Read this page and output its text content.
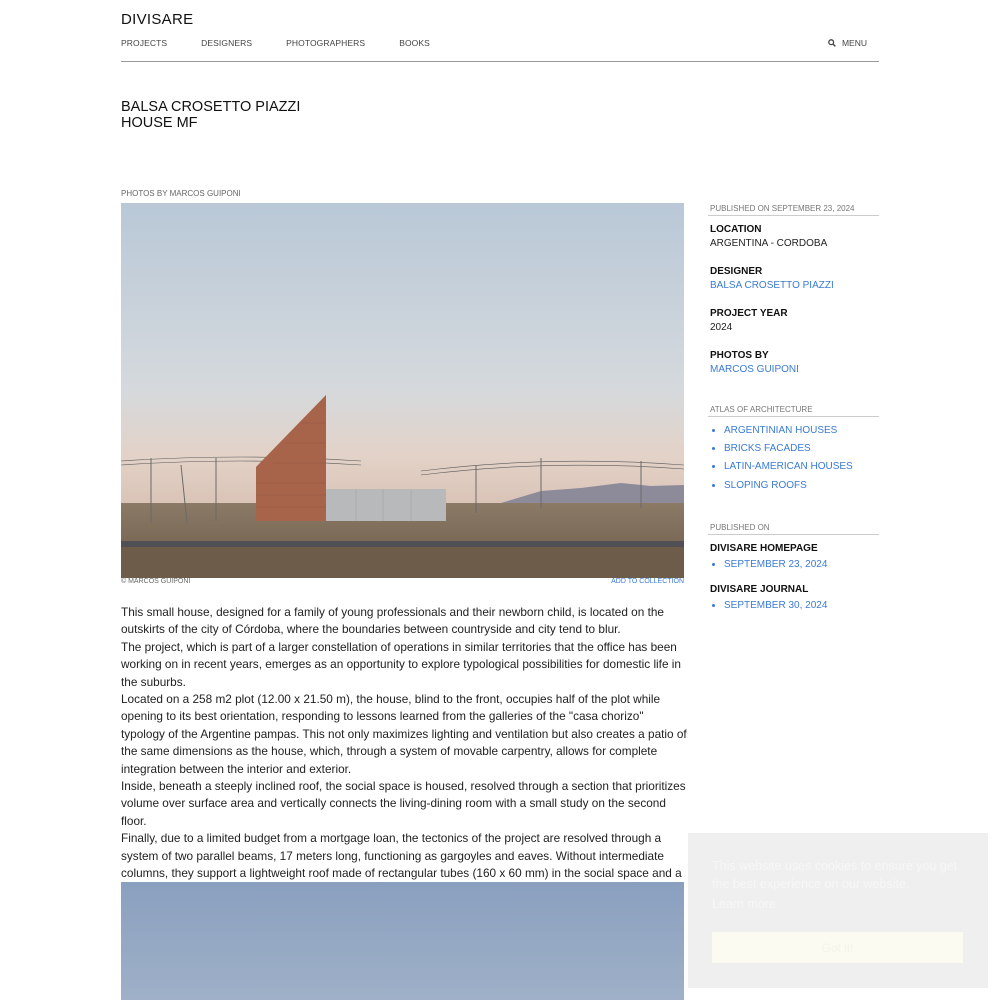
DIVISARE
PROJECTS	DESIGNERS	PHOTOGRAPHERS	BOOKS	MENU
BALSA CROSETTO PIAZZI
HOUSE MF
PHOTOS BY MARCOS GUIPONI
© MARCOS GUIPONI	ADD TO COLLECTION

This small house, designed for a family of young professionals and their newborn child, is located on the outskirts of the city of Córdoba, where the boundaries between countryside and city tend to blur.

The project, which is part of a larger constellation of operations in similar territories that the office has been working on in recent years, emerges as an opportunity to explore typological possibilities for domestic life in the suburbs.

Located on a 258 m2 plot (12.00 x 21.50 m), the house, blind to the front, occupies half of the plot while opening to its best orientation, responding to lessons learned from the galleries of the "casa chorizo" typology of the Argentine pampas. This not only maximizes lighting and ventilation but also creates a patio of the same dimensions as the house, which, through a system of movable carpentry, allows for complete integration between the interior and exterior.

Inside, beneath a steeply inclined roof, the social space is housed, resolved through a section that prioritizes volume over surface area and vertically connects the living-dining room with a small study on the second floor.

Finally, due to a limited budget from a mortgage loan, the tectonics of the project are resolved through a system of two parallel beams, 17 meters long, functioning as gargoyles and eaves. Without intermediate columns, they support a lightweight roof made of rectangular tubes (160 x 60 mm) in the social space and a

PUBLISHED ON SEPTEMBER 23, 2024
LOCATION
ARGENTINA - CORDOBA
DESIGNER
BALSA CROSETTO PIAZZI
PROJECT YEAR
2024
PHOTOS BY
MARCOS GUIPONI
ATLAS OF ARCHITECTURE
• ARGENTINIAN HOUSES
• BRICKS FACADES
• LATIN-AMERICAN HOUSES
• SLOPING ROOFS
PUBLISHED ON
DIVISARE HOMEPAGE
• SEPTEMBER 23, 2024
DIVISARE JOURNAL
• SEPTEMBER 30, 2024
This website uses cookies to ensure you get the best experience on our website.
Learn more
Got it!
